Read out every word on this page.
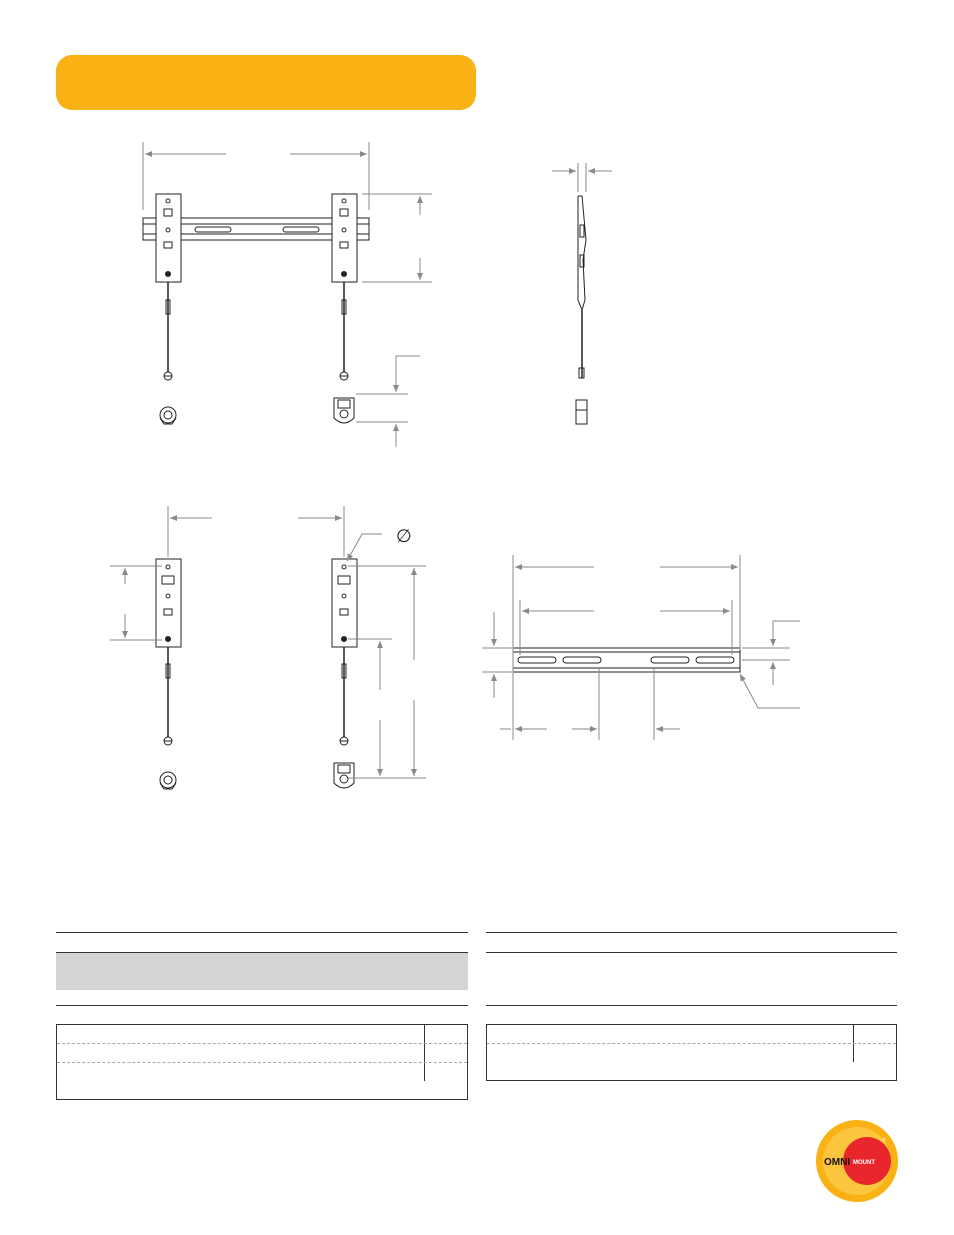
∅
OMNI MOUNT
®
